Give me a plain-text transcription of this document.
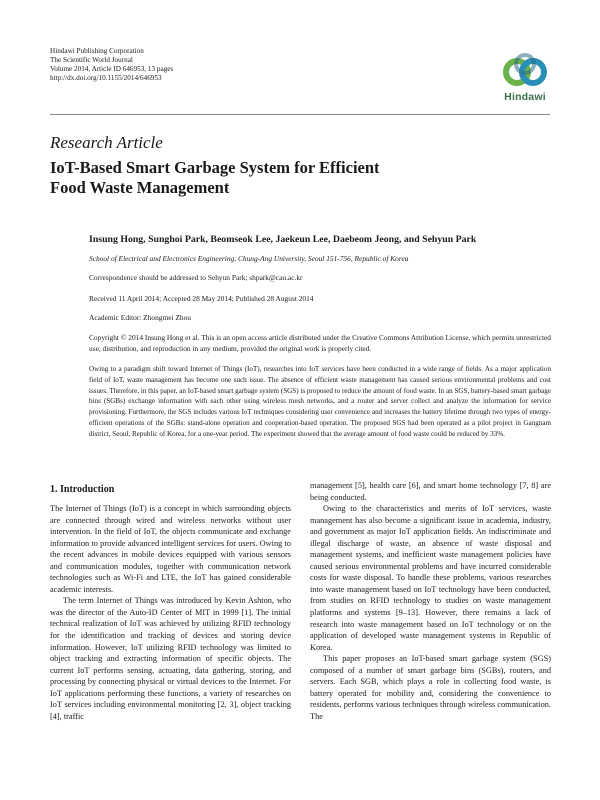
Hindawi Publishing Corporation
The Scientific World Journal
Volume 2014, Article ID 646953, 13 pages
http://dx.doi.org/10.1155/2014/646953
Hindawi
Research Article
IoT-Based Smart Garbage System for Efficient
Food Waste Management
Insung Hong, Sunghoi Park, Beomseok Lee, Jaekeun Lee, Daebeom Jeong, and Sehyun Park
School of Electrical and Electronics Engineering, Chung-Ang University, Seoul 151-756, Republic of Korea
Correspondence should be addressed to Sehyun Park; shpark@cau.ac.kr
Received 11 April 2014; Accepted 28 May 2014; Published 28 August 2014
Academic Editor: Zhongmei Zhou
Copyright © 2014 Insung Hong et al. This is an open access article distributed under the Creative Commons Attribution License, which permits unrestricted use, distribution, and reproduction in any medium, provided the original work is properly cited.
Owing to a paradigm shift toward Internet of Things (IoT), researches into IoT services have been conducted in a wide range of fields. As a major application field of IoT, waste management has become one such issue. The absence of efficient waste management has caused serious environmental problems and cost issues. Therefore, in this paper, an IoT-based smart garbage system (SGS) is proposed to reduce the amount of food waste. In an SGS, battery-based smart garbage bins (SGBs) exchange information with each other using wireless mesh networks, and a router and server collect and analyze the information for service provisioning. Furthermore, the SGS includes various IoT techniques considering user convenience and increases the battery lifetime through two types of energy-efficient operations of the SGBs: stand-alone operation and cooperation-based operation. The proposed SGS had been operated as a pilot project in Gangnam district, Seoul, Republic of Korea, for a one-year period. The experiment showed that the average amount of food waste could be reduced by 33%.
1. Introduction

The Internet of Things (IoT) is a concept in which surrounding objects are connected through wired and wireless networks without user intervention. In the field of IoT, the objects communicate and exchange information to provide advanced intelligent services for users. Owing to the recent advances in mobile devices equipped with various sensors and communication modules, together with communication network technologies such as Wi-Fi and LTE, the IoT has gained considerable academic interests.

The term Internet of Things was introduced by Kevin Ashton, who was the director of the Auto-ID Center of MIT in 1999 [1]. The initial technical realization of IoT was achieved by utilizing RFID technology for the identification and tracking of devices and storing device information. However, IoT utilizing RFID technology was limited to object tracking and extracting information of specific objects. The current IoT performs sensing, actuating, data gathering, storing, and processing by connecting physical or virtual devices to the Internet. For IoT applications performing these functions, a variety of researches on IoT services including environmental monitoring [2, 3], object tracking [4], traffic

management [5], health care [6], and smart home technology [7, 8] are being conducted.

Owing to the characteristics and merits of IoT services, waste management has also become a significant issue in academia, industry, and government as major IoT application fields. An indiscriminate and illegal discharge of waste, an absence of waste disposal and management systems, and inefficient waste management policies have caused serious environmental problems and have incurred considerable costs for waste disposal. To handle these problems, various researches into waste management based on IoT technology have been conducted, from studies on RFID technology to studies on waste management platforms and systems [9–13]. However, there remains a lack of research into waste management based on IoT technology or on the application of developed waste management systems in Republic of Korea.

This paper proposes an IoT-based smart garbage system (SGS) composed of a number of smart garbage bins (SGBs), routers, and servers. Each SGB, which plays a role in collecting food waste, is battery operated for mobility and, considering the convenience to residents, performs various techniques through wireless communication. The
